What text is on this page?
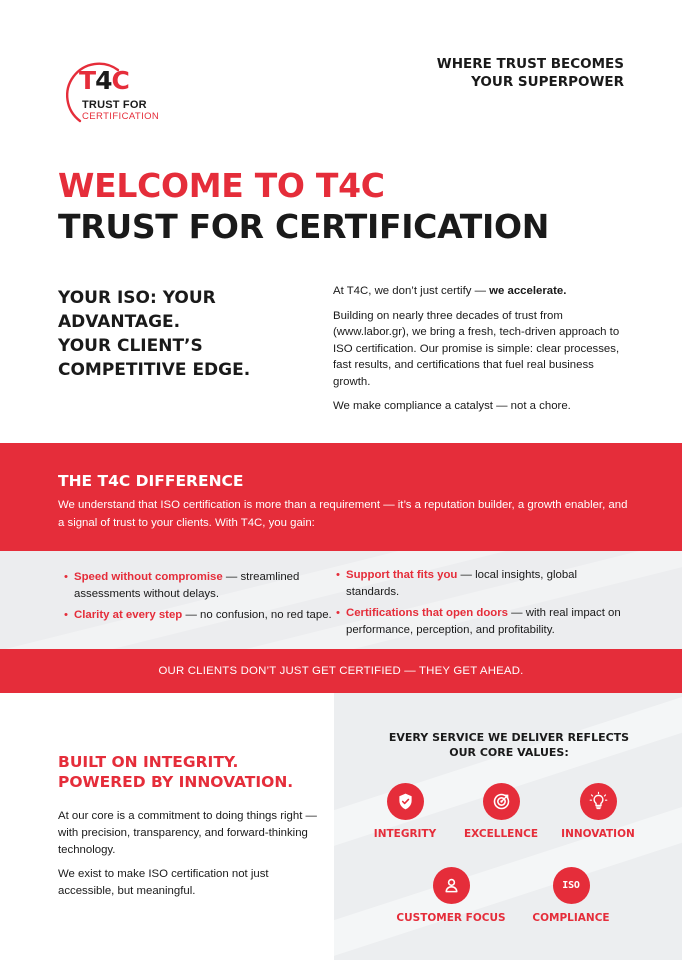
T4C
TRUST FOR
CERTIFICATION
WHERE TRUST BECOMES
YOUR SUPERPOWER
WELCOME TO T4C
TRUST FOR CERTIFICATION
YOUR ISO: YOUR
ADVANTAGE.
YOUR CLIENT’S
COMPETITIVE EDGE.

At T4C, we don’t just certify — we accelerate.

Building on nearly three decades of trust from (www.labor.gr), we bring a fresh, tech-driven approach to ISO certification. Our promise is simple: clear processes, fast results, and certifications that fuel real business growth.

We make compliance a catalyst — not a chore.

THE T4C DIFFERENCE
We understand that ISO certification is more than a requirement — it’s a reputation builder, a growth enabler, and a signal of trust to your clients. With T4C, you gain:
• Speed without compromise — streamlined assessments without delays.
• Clarity at every step — no confusion, no red tape.
• Support that fits you — local insights, global standards.
• Certifications that open doors — with real impact on performance, perception, and profitability.
OUR CLIENTS DON’T JUST GET CERTIFIED — THEY GET AHEAD.
BUILT ON INTEGRITY.
POWERED BY INNOVATION.

At our core is a commitment to doing things right — with precision, transparency, and forward-thinking technology.

We exist to make ISO certification not just accessible, but meaningful.

EVERY SERVICE WE DELIVER REFLECTS
OUR CORE VALUES:
INTEGRITY	EXCELLENCE	INNOVATION
CUSTOMER FOCUS
ISO
COMPLIANCE
